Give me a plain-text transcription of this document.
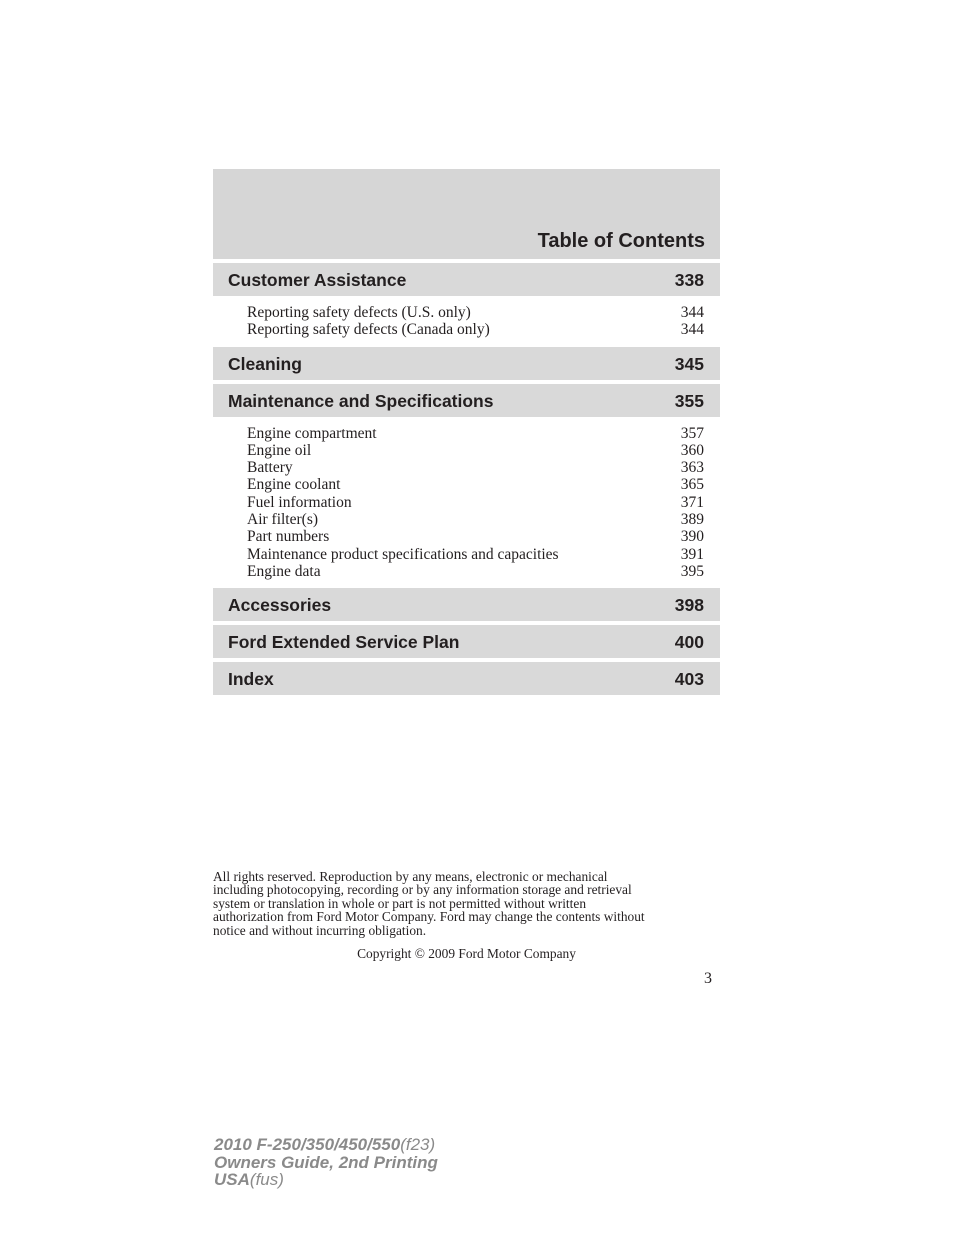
Table of Contents
Customer Assistance	338
Reporting safety defects (U.S. only)	344
Reporting safety defects (Canada only)	344
Cleaning	345
Maintenance and Specifications	355
Engine compartment	357
Engine oil	360
Battery	363
Engine coolant	365
Fuel information	371
Air filter(s)	389
Part numbers	390
Maintenance product specifications and capacities	391
Engine data	395
Accessories	398
Ford Extended Service Plan	400
Index	403

All rights reserved. Reproduction by any means, electronic or mechanical

including photocopying, recording or by any information storage and retrieval

system or translation in whole or part is not permitted without written

authorization from Ford Motor Company. Ford may change the contents without

notice and without incurring obligation.

Copyright © 2009 Ford Motor Company
3
2010 F-250/350/450/550(f23)
Owners Guide, 2nd Printing
USA(fus)
